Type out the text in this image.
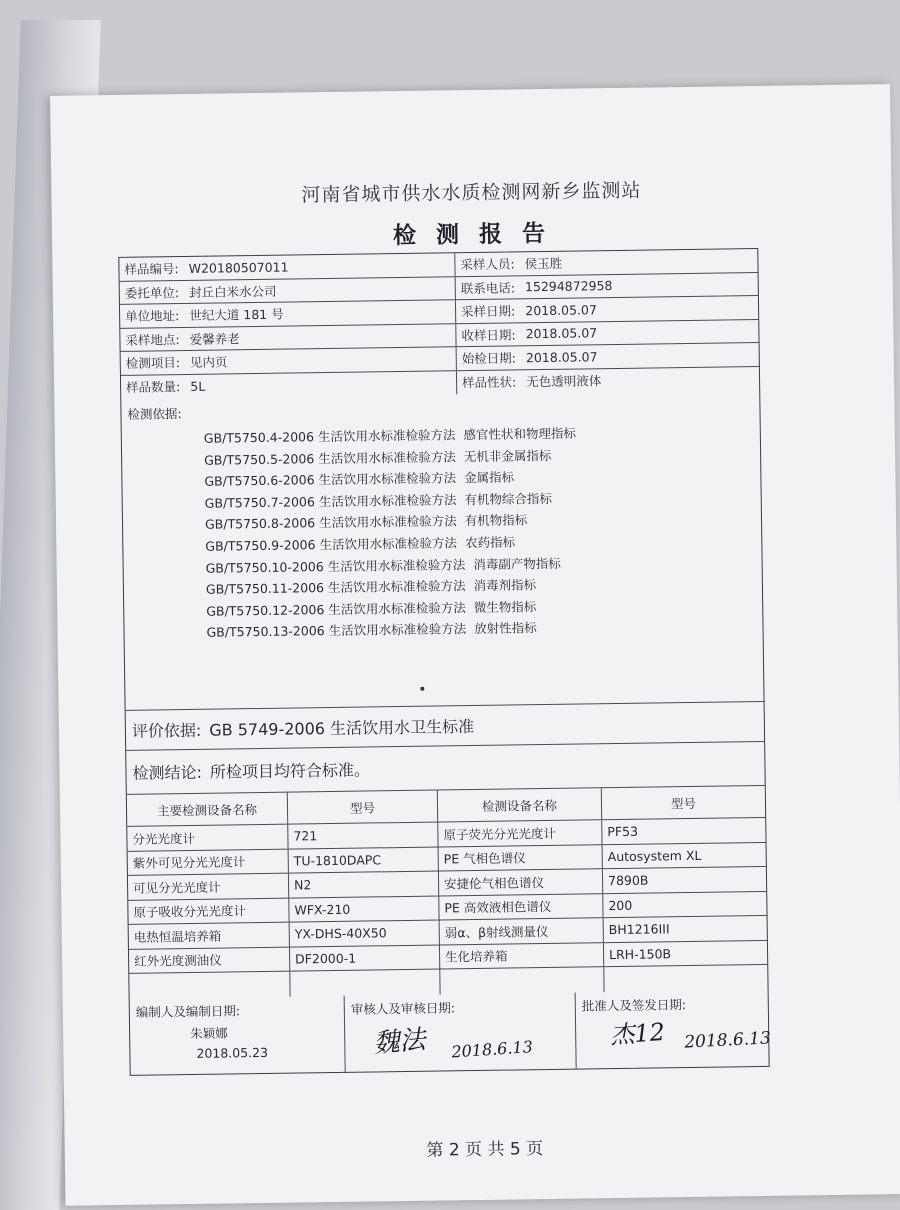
河南省城市供水水质检测网新乡监测站
检 测 报 告
样品编号: W20180507011	采样人员: 侯玉胜
委托单位: 封丘白米水公司	联系电话: 15294872958
单位地址: 世纪大道 181 号	采样日期: 2018.05.07
采样地点: 爱馨养老	收样日期: 2018.05.07
检测项目: 见内页	始检日期: 2018.05.07
样品数量: 5L	样品性状: 无色透明液体
检测依据:
GB/T5750.4-2006 生活饮用水标准检验方法 感官性状和物理指标
GB/T5750.5-2006 生活饮用水标准检验方法 无机非金属指标
GB/T5750.6-2006 生活饮用水标准检验方法 金属指标
GB/T5750.7-2006 生活饮用水标准检验方法 有机物综合指标
GB/T5750.8-2006 生活饮用水标准检验方法 有机物指标
GB/T5750.9-2006 生活饮用水标准检验方法 农药指标
GB/T5750.10-2006 生活饮用水标准检验方法 消毒副产物指标
GB/T5750.11-2006 生活饮用水标准检验方法 消毒剂指标
GB/T5750.12-2006 生活饮用水标准检验方法 微生物指标
GB/T5750.13-2006 生活饮用水标准检验方法 放射性指标
评价依据: GB 5749-2006 生活饮用水卫生标准
检测结论: 所检项目均符合标准。
主要检测设备名称	型号	检测设备名称	型号
分光光度计	721	原子荧光分光光度计	PF53
紫外可见分光光度计	TU-1810DAPC	PE 气相色谱仪	Autosystem XL
可见分光光度计	N2	安捷伦气相色谱仪	7890B
原子吸收分光光度计	WFX-210	PE 高效液相色谱仪	200
电热恒温培养箱	YX-DHS-40X50	弱α、β射线测量仪	BH1216III
红外光度测油仪	DF2000-1	生化培养箱	LRH-150B
编制人及编制日期:
朱颖娜
2018.05.23
审核人及审核日期:
魏法 2018.6.13
批准人及签发日期:
杰12 2018.6.13
第 2 页 共 5 页
